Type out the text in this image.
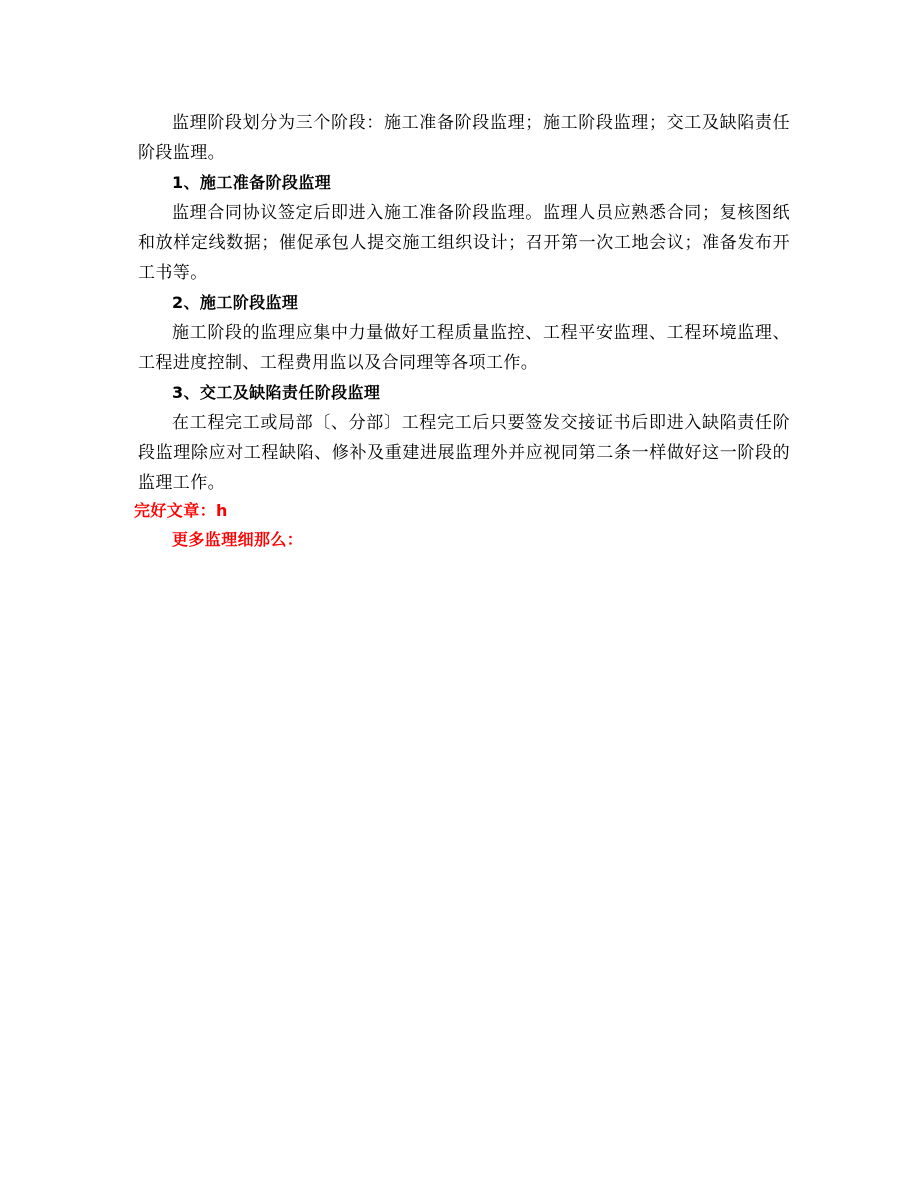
监理阶段划分为三个阶段：施工准备阶段监理；施工阶段监理；交工及缺陷责任阶段监理。

1、施工准备阶段监理

监理合同协议签定后即进入施工准备阶段监理。监理人员应熟悉合同；复核图纸和放样定线数据；催促承包人提交施工组织设计；召开第一次工地会议；准备发布开工书等。

2、施工阶段监理

施工阶段的监理应集中力量做好工程质量监控、工程平安监理、工程环境监理、工程进度控制、工程费用监以及合同理等各项工作。

3、交工及缺陷责任阶段监理

在工程完工或局部〔、分部〕工程完工后只要签发交接证书后即进入缺陷责任阶段监理除应对工程缺陷、修补及重建进展监理外并应视同第二条一样做好这一阶段的监理工作。

完好文章：h

更多监理细那么：
